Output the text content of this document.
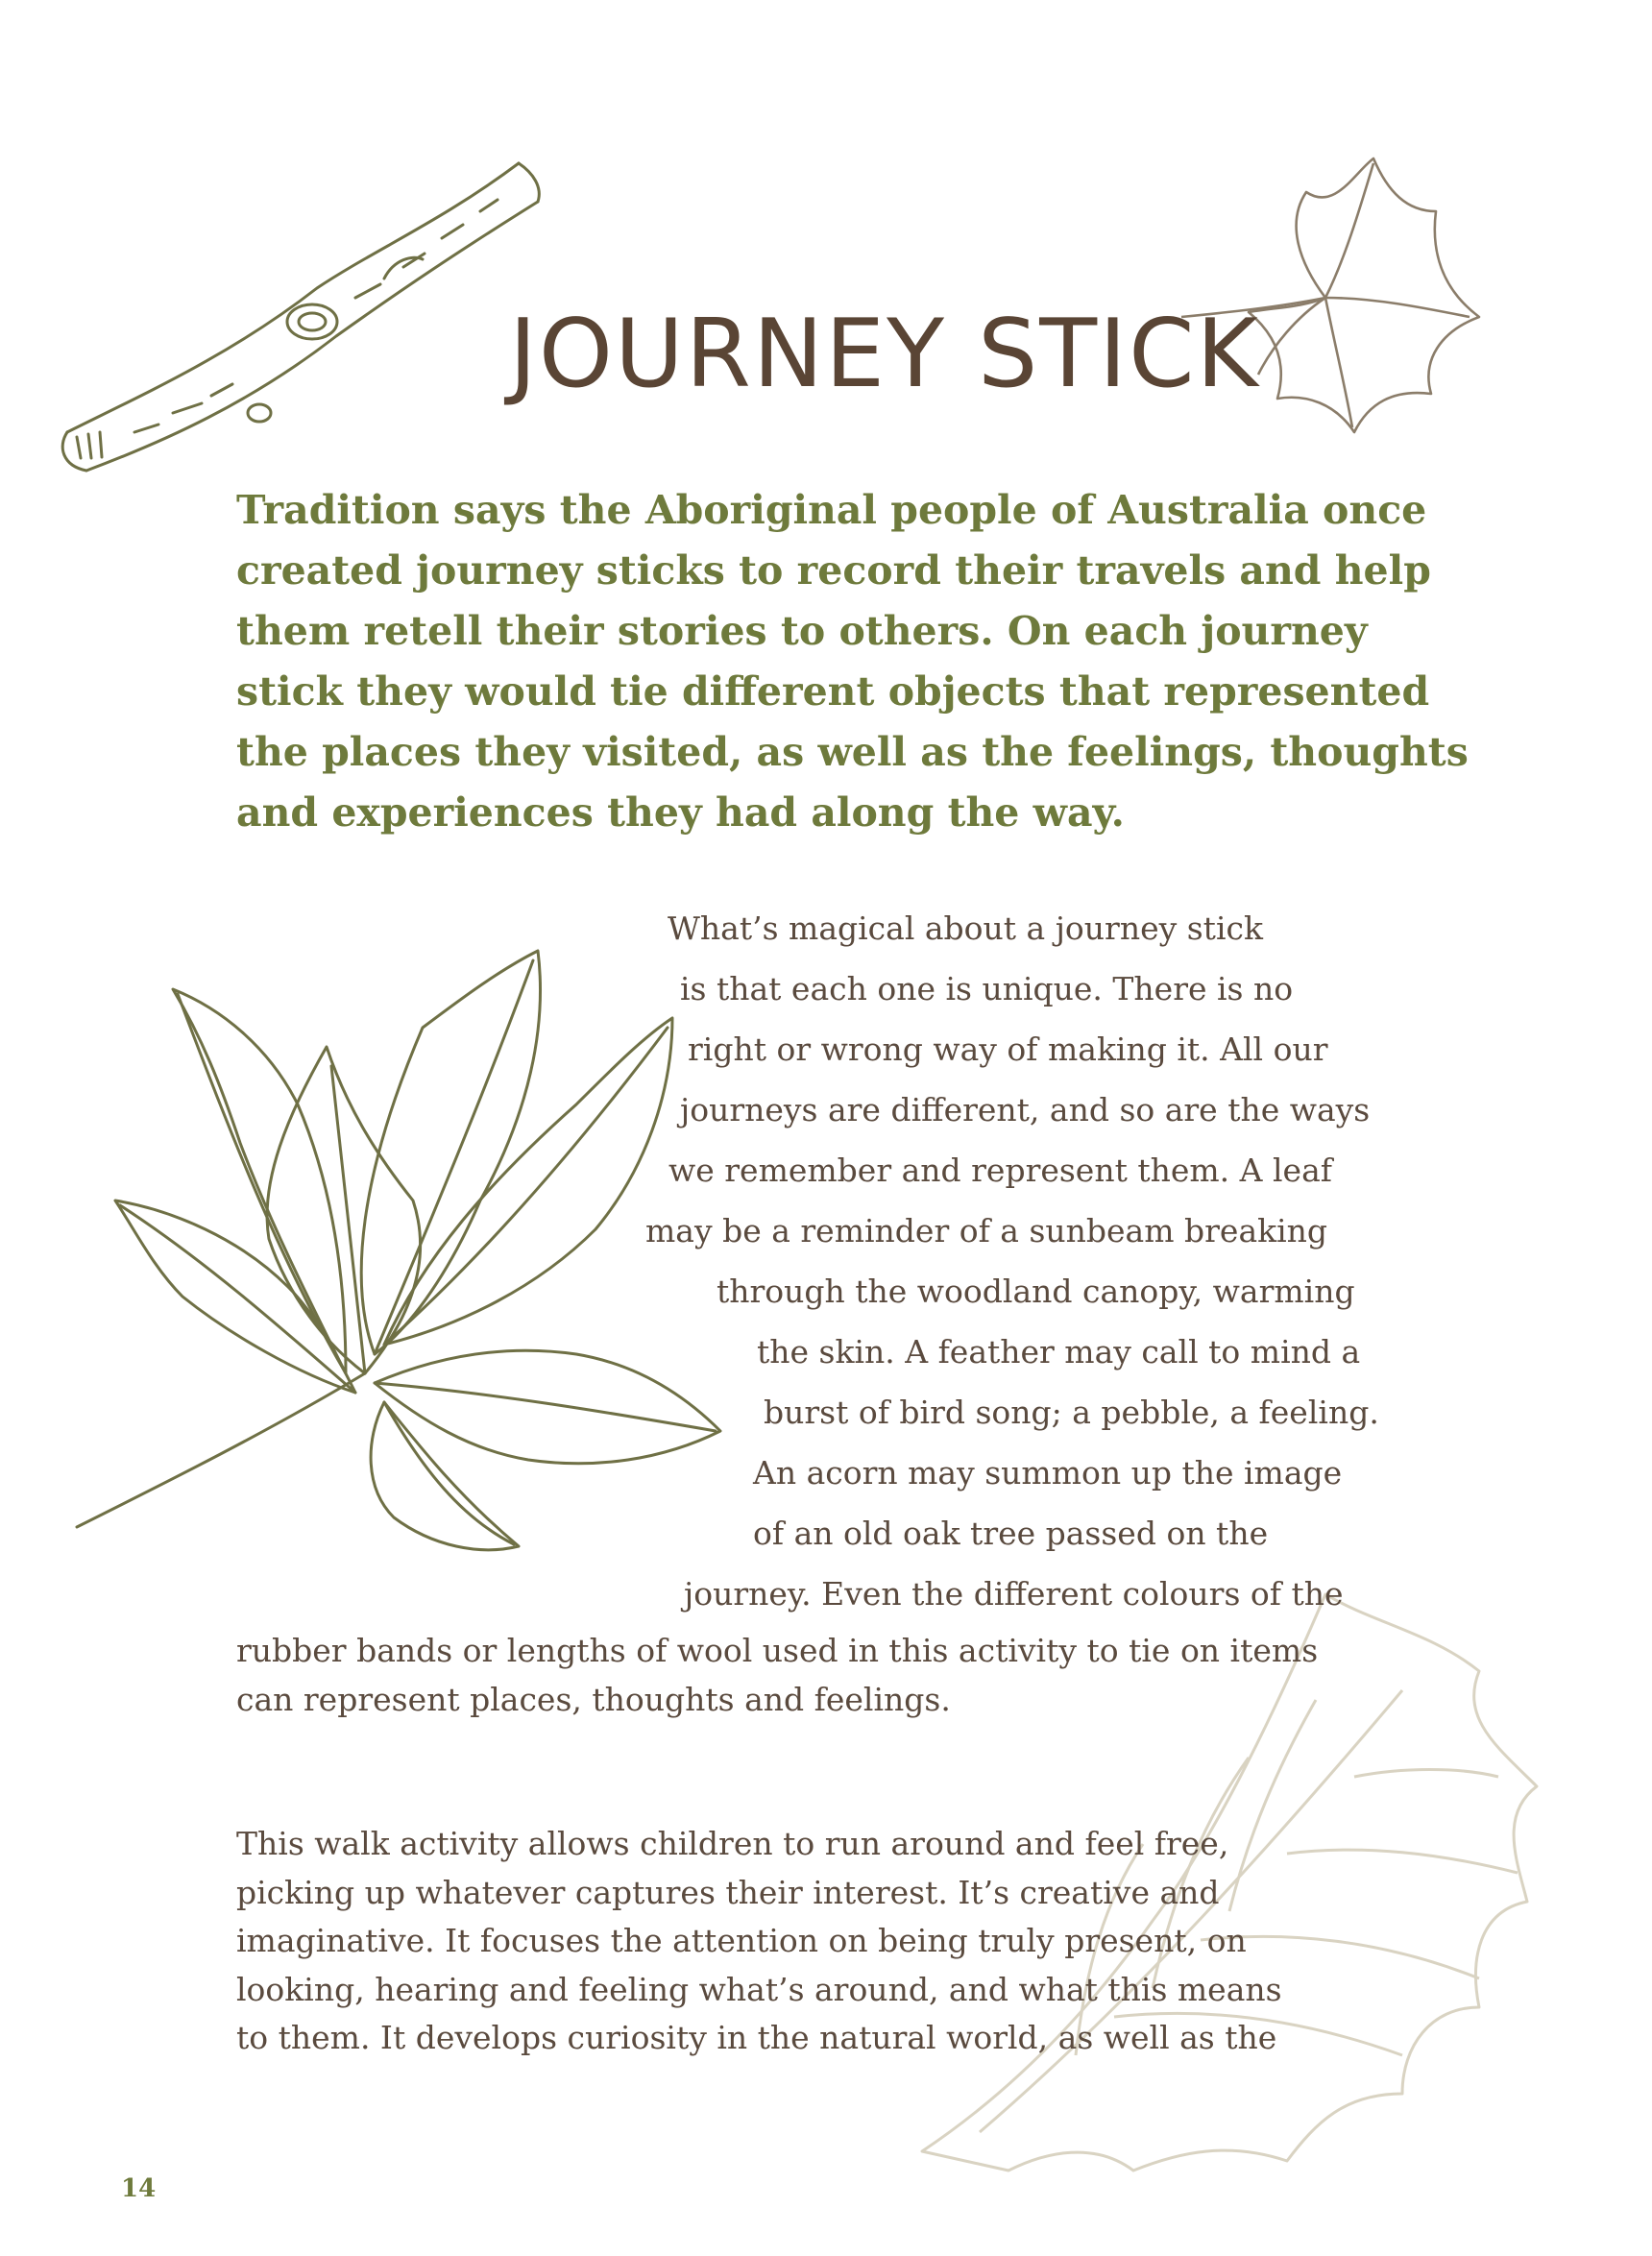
JOURNEY STICK
Tradition says the Aboriginal people of Australia once
created journey sticks to record their travels and help
them retell their stories to others. On each journey
stick they would tie different objects that represented
the places they visited, as well as the feelings, thoughts
and experiences they had along the way.

What’s magical about a journey stick

is that each one is unique. There is no

right or wrong way of making it. All our

journeys are different, and so are the ways

we remember and represent them. A leaf

may be a reminder of a sunbeam breaking

through the woodland canopy, warming

the skin. A feather may call to mind a

burst of bird song; a pebble, a feeling.

An acorn may summon up the image

of an old oak tree passed on the

journey. Even the different colours of the

rubber bands or lengths of wool used in this activity to tie on items
can represent places, thoughts and feelings.
This walk activity allows children to run around and feel free,
picking up whatever captures their interest. It’s creative and
imaginative. It focuses the attention on being truly present, on
looking, hearing and feeling what’s around, and what this means
to them. It develops curiosity in the natural world, as well as the
14
